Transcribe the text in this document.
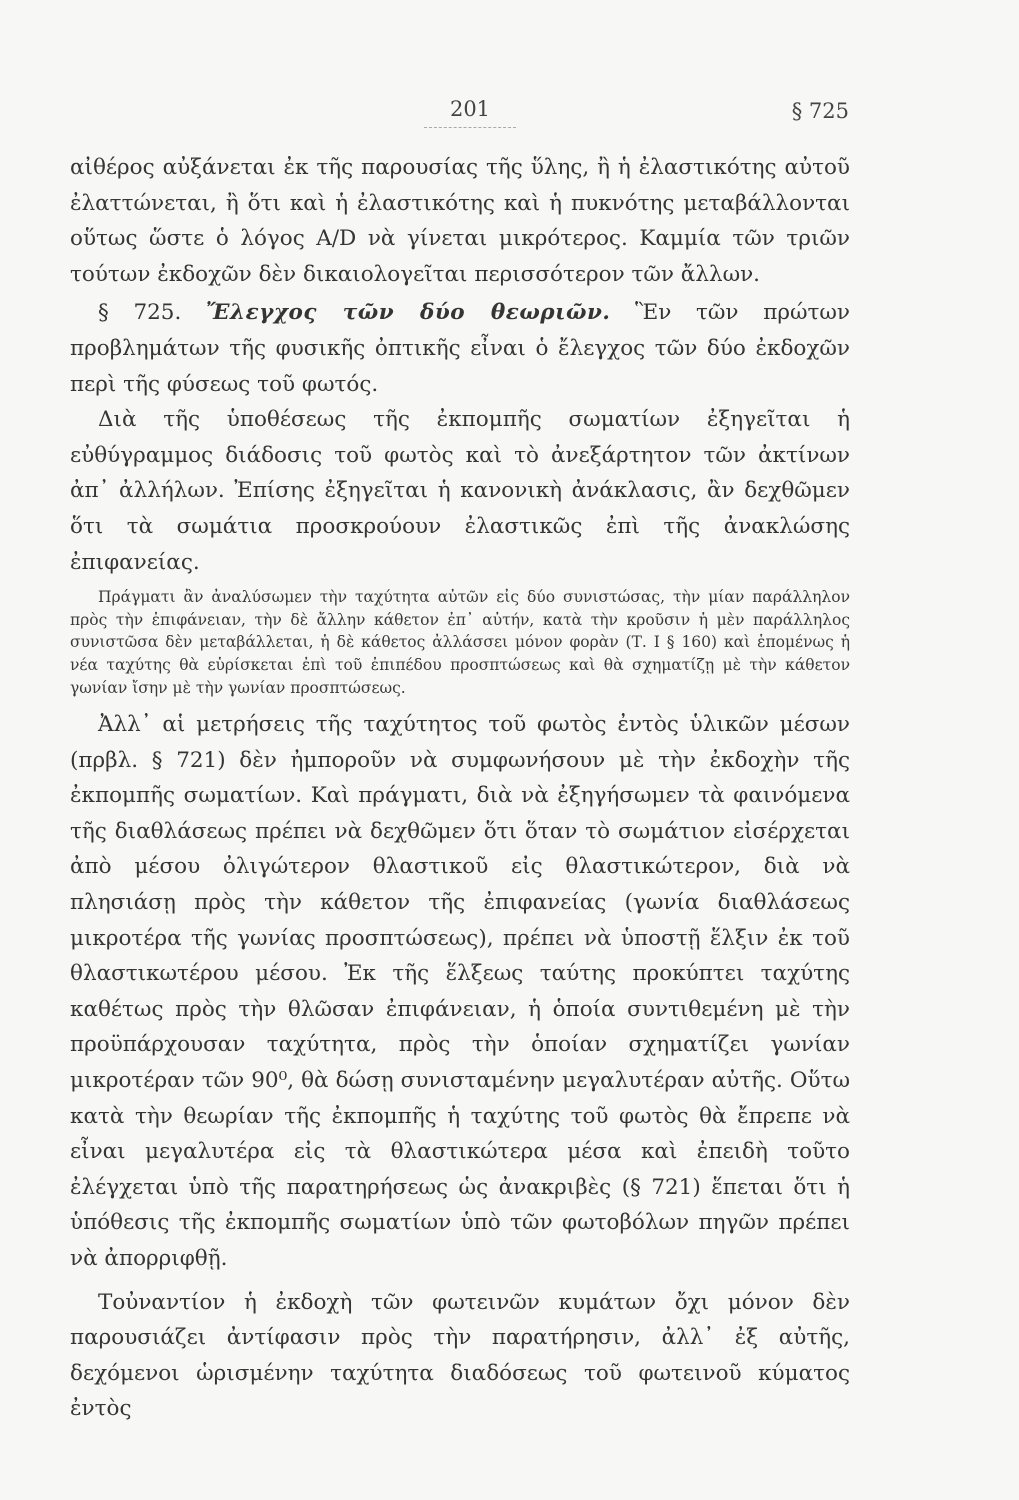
201	§ 725

αἰθέρος αὐξάνεται ἐκ τῆς παρουσίας τῆς ὕλης, ἢ ἡ ἐλαστικότης αὐτοῦ ἐλαττώνεται, ἢ ὅτι καὶ ἡ ἐλαστικότης καὶ ἡ πυκνότης μεταβάλλονται οὕτως ὥστε ὁ λόγος A/D νὰ γίνεται μικρότερος. Καμμία τῶν τριῶν τούτων ἐκδοχῶν δὲν δικαιολογεῖται περισσότερον τῶν ἄλλων.

§ 725. Ἔλεγχος τῶν δύο θεωριῶν. Ἓν τῶν πρώτων προβλημάτων τῆς φυσικῆς ὀπτικῆς εἶναι ὁ ἔλεγχος τῶν δύο ἐκδοχῶν περὶ τῆς φύσεως τοῦ φωτός.

Διὰ τῆς ὑποθέσεως τῆς ἐκπομπῆς σωματίων ἐξηγεῖται ἡ εὐθύγραμμος διάδοσις τοῦ φωτὸς καὶ τὸ ἀνεξάρτητον τῶν ἀκτίνων ἀπ᾽ ἀλλήλων. Ἐπίσης ἐξηγεῖται ἡ κανονικὴ ἀνάκλασις, ἂν δεχθῶμεν ὅτι τὰ σωμάτια προσκρούουν ἐλαστικῶς ἐπὶ τῆς ἀνακλώσης ἐπιφανείας.

Πράγματι ἂν ἀναλύσωμεν τὴν ταχύτητα αὐτῶν εἰς δύο συνιστώσας, τὴν μίαν παράλληλον πρὸς τὴν ἐπιφάνειαν, τὴν δὲ ἄλλην κάθετον ἐπ᾽ αὐτήν, κατὰ τὴν κροῦσιν ἡ μὲν παράλληλος συνιστῶσα δὲν μεταβάλλεται, ἡ δὲ κάθετος ἀλλάσσει μόνον φορὰν (Τ. Ι § 160) καὶ ἑπομένως ἡ νέα ταχύτης θὰ εὑρίσκεται ἐπὶ τοῦ ἐπιπέδου προσπτώσεως καὶ θὰ σχηματίζῃ μὲ τὴν κάθετον γωνίαν ἴσην μὲ τὴν γωνίαν προσπτώσεως.

Ἀλλ᾽ αἱ μετρήσεις τῆς ταχύτητος τοῦ φωτὸς ἐντὸς ὑλικῶν μέσων (πρβλ. § 721) δὲν ἠμποροῦν νὰ συμφωνήσουν μὲ τὴν ἐκδοχὴν τῆς ἐκπομπῆς σωματίων. Καὶ πράγματι, διὰ νὰ ἐξηγήσωμεν τὰ φαινόμενα τῆς διαθλάσεως πρέπει νὰ δεχθῶμεν ὅτι ὅταν τὸ σωμάτιον εἰσέρχεται ἀπὸ μέσου ὀλιγώτερον θλαστικοῦ εἰς θλαστικώτερον, διὰ νὰ πλησιάσῃ πρὸς τὴν κάθετον τῆς ἐπιφανείας (γωνία διαθλάσεως μικροτέρα τῆς γωνίας προσπτώσεως), πρέπει νὰ ὑποστῇ ἕλξιν ἐκ τοῦ θλαστικωτέρου μέσου. Ἐκ τῆς ἕλξεως ταύτης προκύπτει ταχύτης καθέτως πρὸς τὴν θλῶσαν ἐπιφάνειαν, ἡ ὁποία συντιθεμένη μὲ τὴν προϋπάρχουσαν ταχύτητα, πρὸς τὴν ὁποίαν σχηματίζει γωνίαν μικροτέραν τῶν 90⁰, θὰ δώσῃ συνισταμένην μεγαλυτέραν αὐτῆς. Οὕτω κατὰ τὴν θεωρίαν τῆς ἐκπομπῆς ἡ ταχύτης τοῦ φωτὸς θὰ ἔπρεπε νὰ εἶναι μεγαλυτέρα εἰς τὰ θλαστικώτερα μέσα καὶ ἐπειδὴ τοῦτο ἐλέγχεται ὑπὸ τῆς παρατηρήσεως ὡς ἀνακριβὲς (§ 721) ἕπεται ὅτι ἡ ὑπόθεσις τῆς ἐκπομπῆς σωματίων ὑπὸ τῶν φωτοβόλων πηγῶν πρέπει νὰ ἀπορριφθῇ.

Τοὐναντίον ἡ ἐκδοχὴ τῶν φωτεινῶν κυμάτων ὄχι μόνον δὲν παρουσιάζει ἀντίφασιν πρὸς τὴν παρατήρησιν, ἀλλ᾽ ἐξ αὐτῆς, δεχόμενοι ὡρισμένην ταχύτητα διαδόσεως τοῦ φωτεινοῦ κύματος ἐντὸς
